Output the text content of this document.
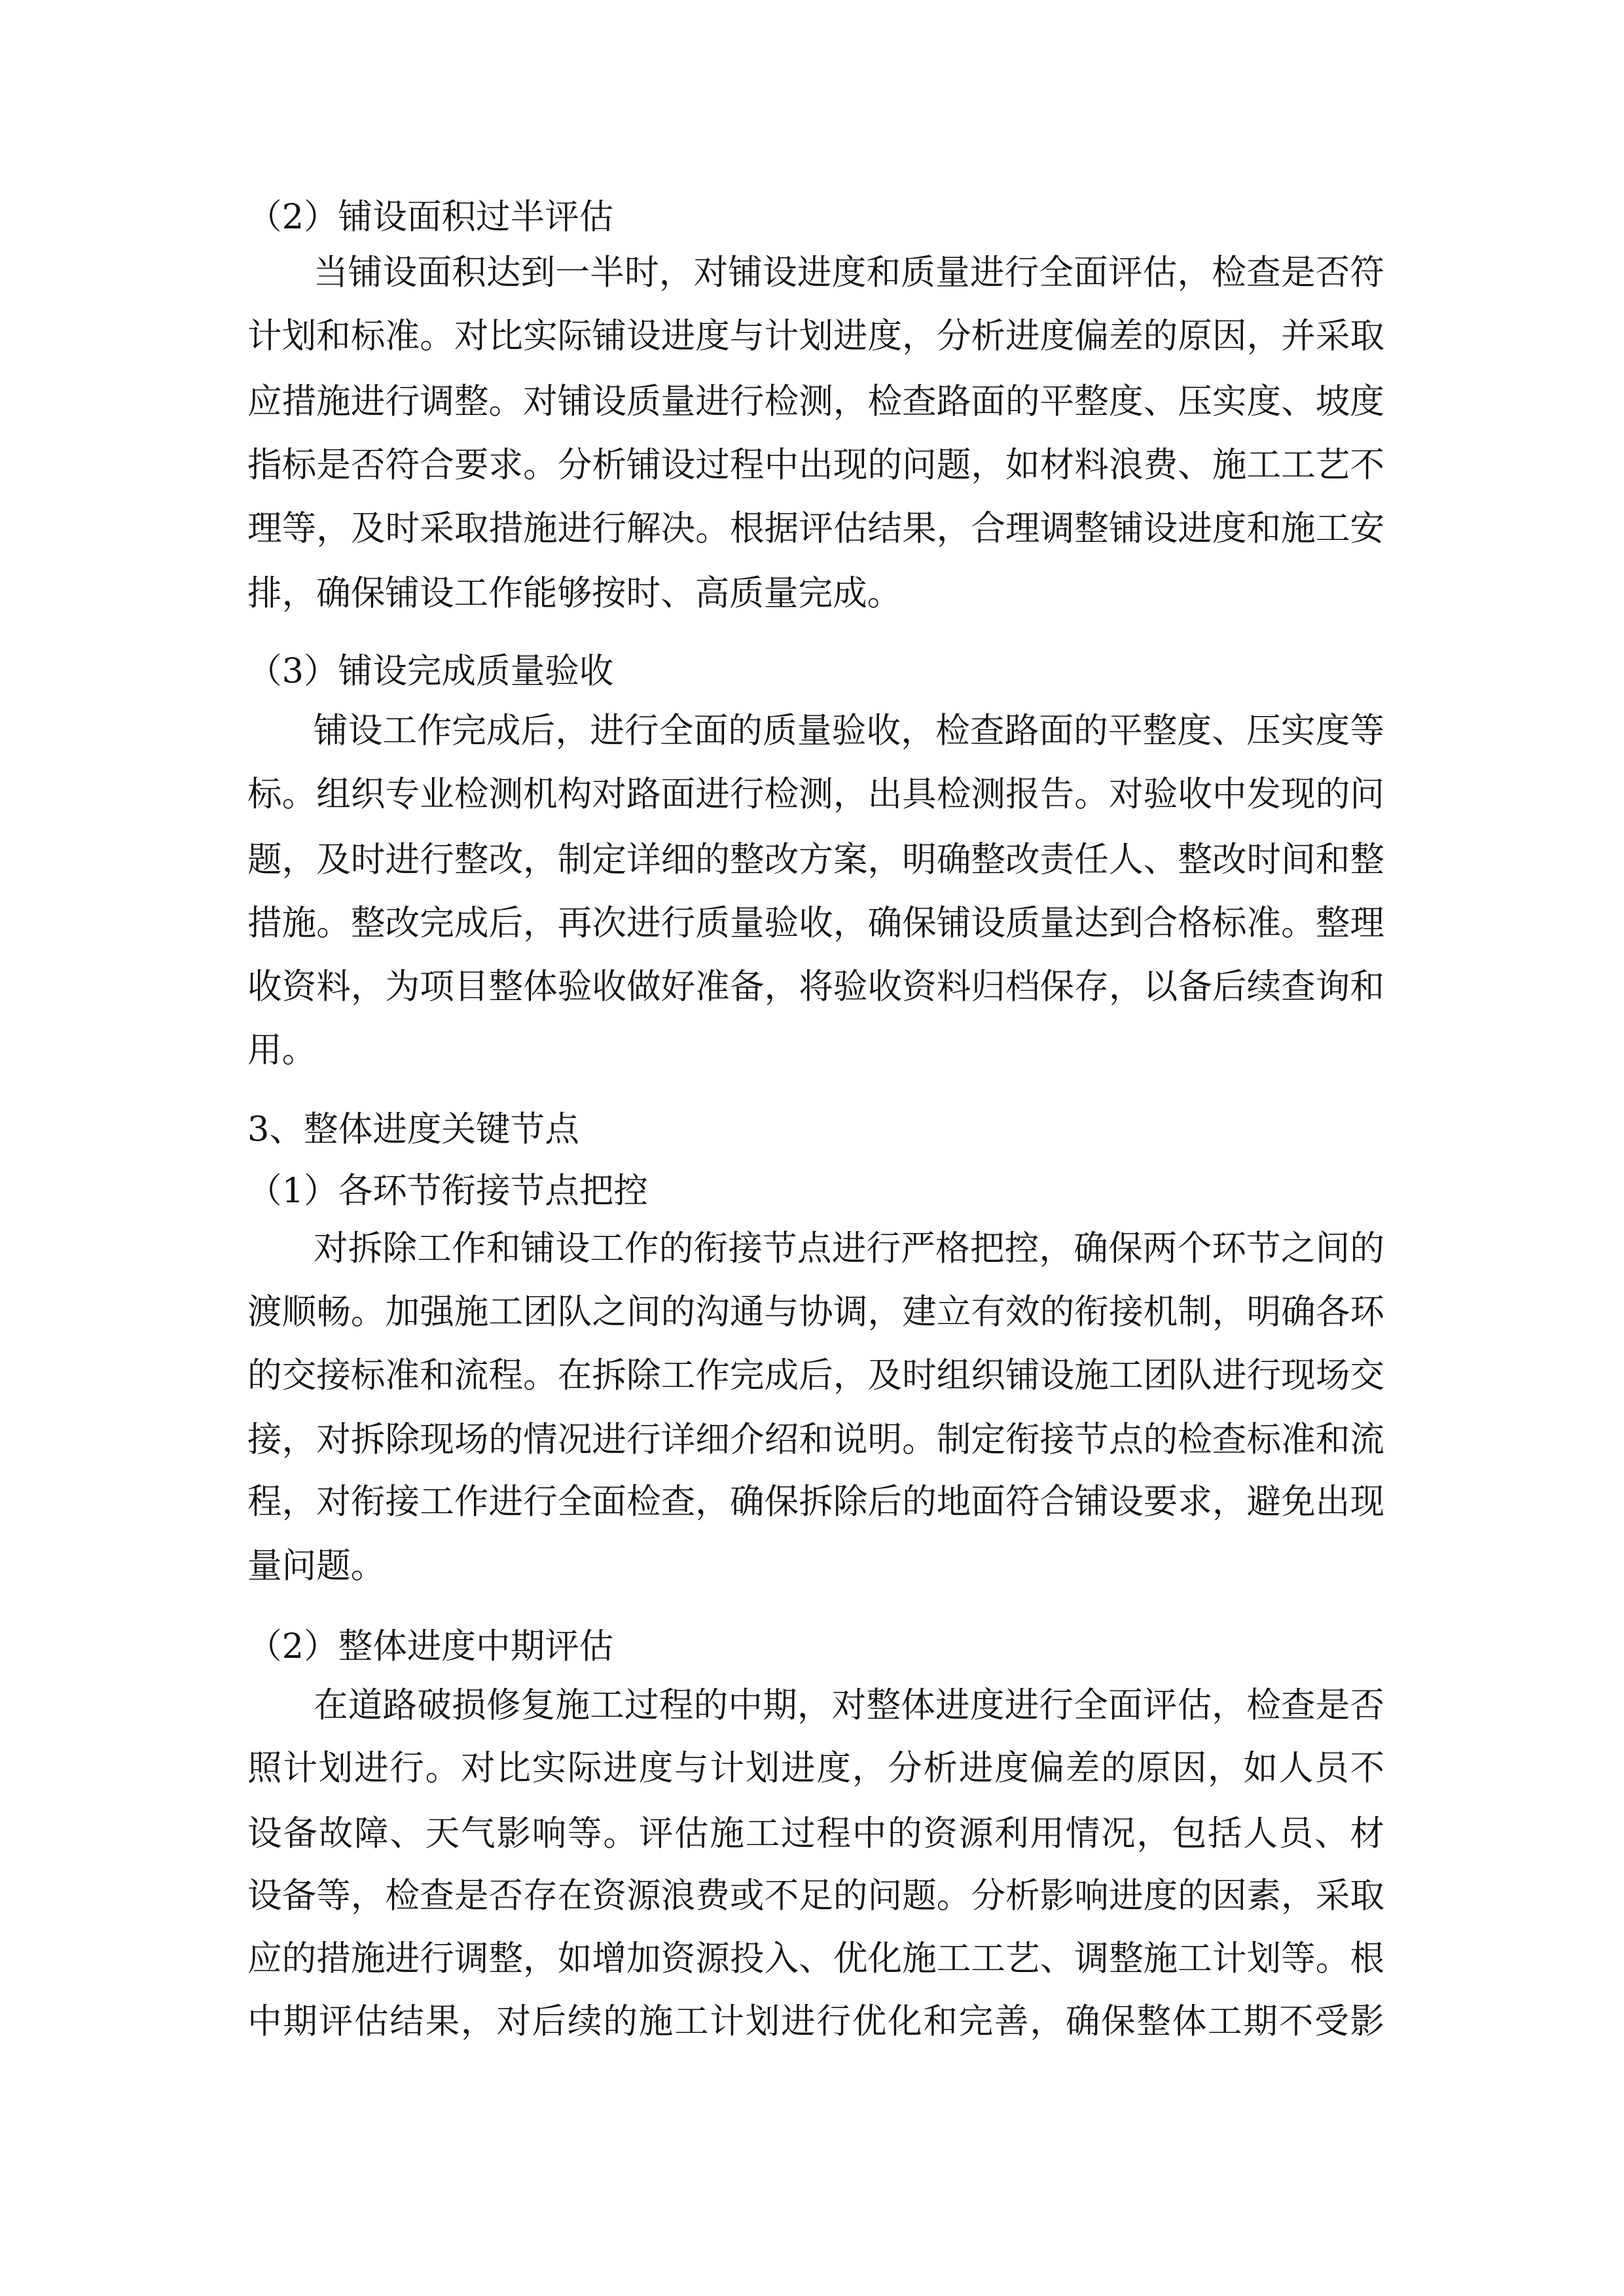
（2）铺设面积过半评估
当铺设面积达到一半时，对铺设进度和质量进行全面评估，检查是否符
计划和标准。对比实际铺设进度与计划进度，分析进度偏差的原因，并采取
应措施进行调整。对铺设质量进行检测，检查路面的平整度、压实度、坡度
指标是否符合要求。分析铺设过程中出现的问题，如材料浪费、施工工艺不
理等，及时采取措施进行解决。根据评估结果，合理调整铺设进度和施工安
排，确保铺设工作能够按时、高质量完成。
（3）铺设完成质量验收
铺设工作完成后，进行全面的质量验收，检查路面的平整度、压实度等
标。组织专业检测机构对路面进行检测，出具检测报告。对验收中发现的问
题，及时进行整改，制定详细的整改方案，明确整改责任人、整改时间和整
措施。整改完成后，再次进行质量验收，确保铺设质量达到合格标准。整理
收资料，为项目整体验收做好准备，将验收资料归档保存，以备后续查询和
用。
3、整体进度关键节点
（1）各环节衔接节点把控
对拆除工作和铺设工作的衔接节点进行严格把控，确保两个环节之间的
渡顺畅。加强施工团队之间的沟通与协调，建立有效的衔接机制，明确各环
的交接标准和流程。在拆除工作完成后，及时组织铺设施工团队进行现场交
接，对拆除现场的情况进行详细介绍和说明。制定衔接节点的检查标准和流
程，对衔接工作进行全面检查，确保拆除后的地面符合铺设要求，避免出现
量问题。
（2）整体进度中期评估
在道路破损修复施工过程的中期，对整体进度进行全面评估，检查是否
照计划进行。对比实际进度与计划进度，分析进度偏差的原因，如人员不
设备故障、天气影响等。评估施工过程中的资源利用情况，包括人员、材
设备等，检查是否存在资源浪费或不足的问题。分析影响进度的因素，采取
应的措施进行调整，如增加资源投入、优化施工工艺、调整施工计划等。根
中期评估结果，对后续的施工计划进行优化和完善，确保整体工期不受影
